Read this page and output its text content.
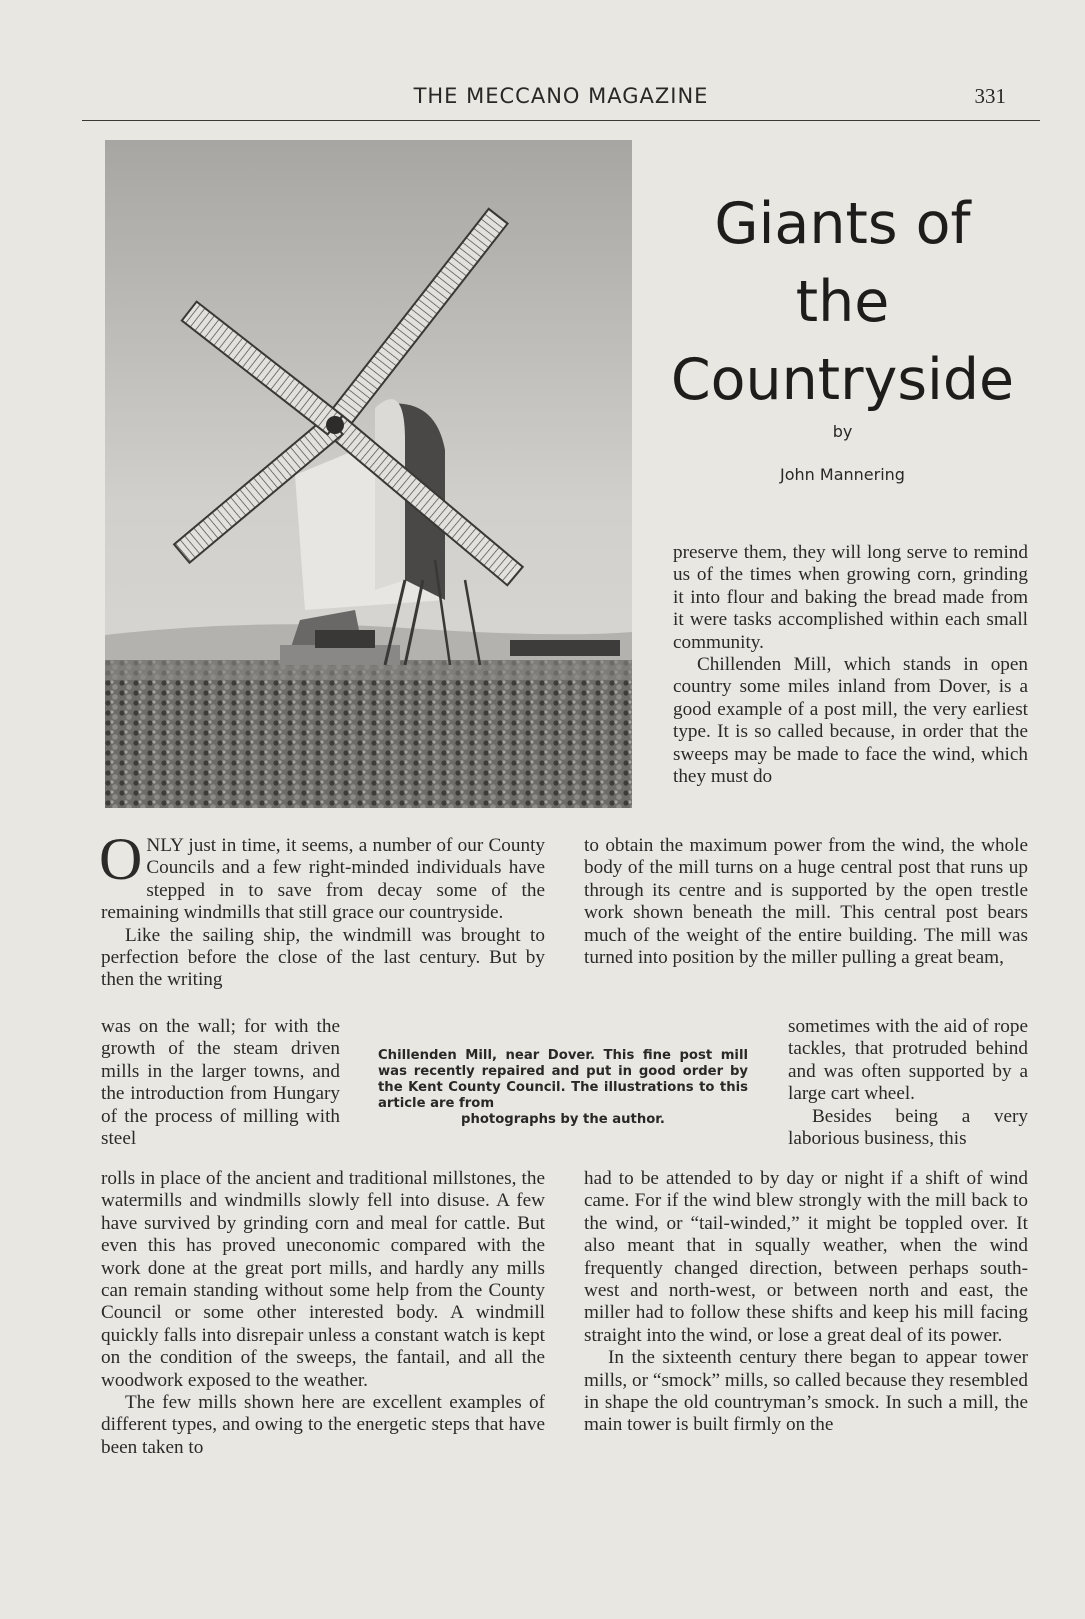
THE MECCANO MAGAZINE	331
Giants of
the
Countryside
by
John Mannering

preserve them, they will long serve to remind us of the times when growing corn, grinding it into flour and baking the bread made from it were tasks accomplished within each small community.

Chillenden Mill, which stands in open country some miles inland from Dover, is a good example of a post mill, the very earliest type. It is so called because, in order that the sweeps may be made to face the wind, which they must do

ONLY just in time, it seems, a number of our County Councils and a few right-minded individuals have stepped in to save from decay some of the remaining windmills that still grace our countryside.

Like the sailing ship, the windmill was brought to perfection before the close of the last century. But by then the writing

was on the wall; for with the growth of the steam driven mills in the larger towns, and the introduction from Hungary of the process of milling with steel

rolls in place of the ancient and traditional millstones, the watermills and windmills slowly fell into disuse. A few have survived by grinding corn and meal for cattle. But even this has proved uneconomic compared with the work done at the great port mills, and hardly any mills can remain standing without some help from the County Council or some other interested body. A windmill quickly falls into disrepair unless a constant watch is kept on the condition of the sweeps, the fantail, and all the woodwork exposed to the weather.

The few mills shown here are excellent examples of different types, and owing to the energetic steps that have been taken to

to obtain the maximum power from the wind, the whole body of the mill turns on a huge central post that runs up through its centre and is supported by the open trestle work shown beneath the mill. This central post bears much of the weight of the entire building. The mill was turned into position by the miller pulling a great beam,

sometimes with the aid of rope tackles, that protruded behind and was often supported by a large cart wheel.

Besides being a very laborious business, this

had to be attended to by day or night if a shift of wind came. For if the wind blew strongly with the mill back to the wind, or “tail-winded,” it might be toppled over. It also meant that in squally weather, when the wind frequently changed direction, between perhaps south-west and north-west, or between north and east, the miller had to follow these shifts and keep his mill facing straight into the wind, or lose a great deal of its power.

In the sixteenth century there began to appear tower mills, or “smock” mills, so called because they resembled in shape the old countryman’s smock. In such a mill, the main tower is built firmly on the

Chillenden Mill, near Dover. This fine post mill was recently repaired and put in good order by the Kent County Council. The illustrations to this article are from
photographs by the author.
